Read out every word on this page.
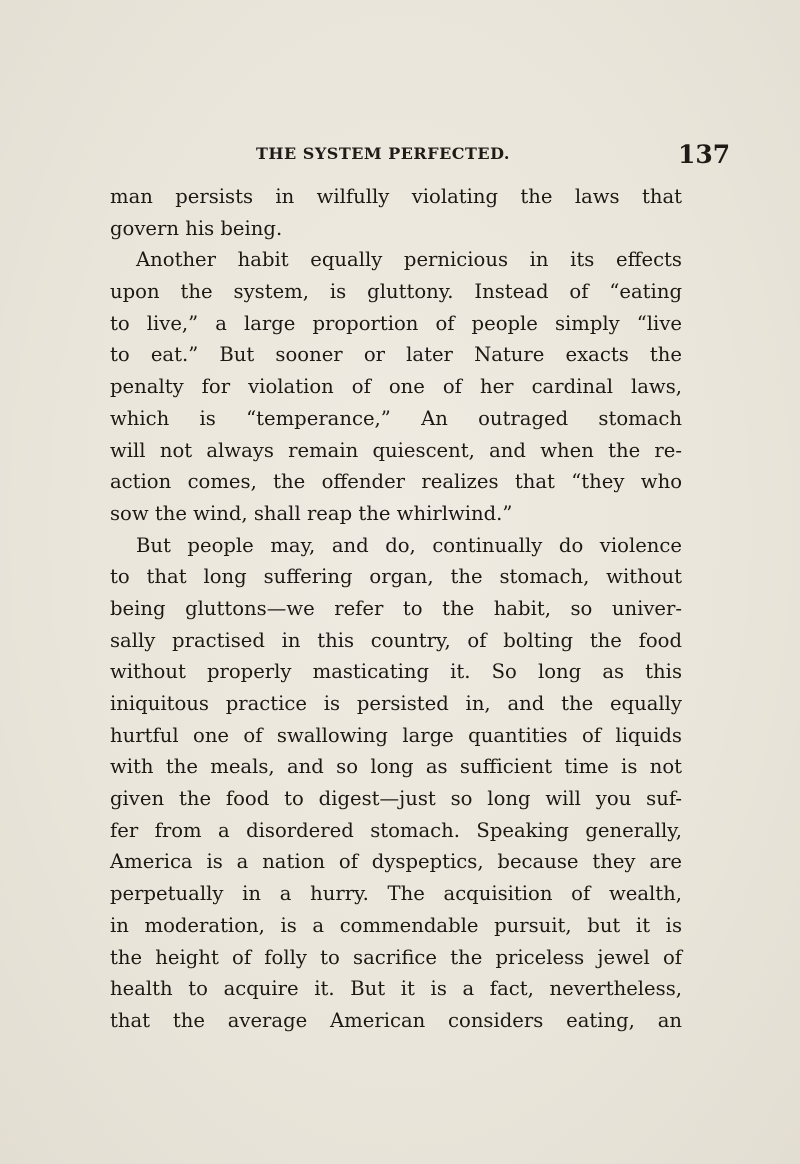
THE SYSTEM PERFECTED.	137
man persists in wilfully violating the laws that
govern his being.
Another habit equally pernicious in its effects
upon the system, is gluttony. Instead of “eating
to live,” a large proportion of people simply “live
to eat.” But sooner or later Nature exacts the
penalty for violation of one of her cardinal laws,
which is “temperance,” An outraged stomach
will not always remain quiescent, and when the re-
action comes, the offender realizes that “they who
sow the wind, shall reap the whirlwind.”
But people may, and do, continually do violence
to that long suffering organ, the stomach, without
being gluttons—we refer to the habit, so univer-
sally practised in this country, of bolting the food
without properly masticating it. So long as this
iniquitous practice is persisted in, and the equally
hurtful one of swallowing large quantities of liquids
with the meals, and so long as sufficient time is not
given the food to digest—just so long will you suf-
fer from a disordered stomach. Speaking generally,
America is a nation of dyspeptics, because they are
perpetually in a hurry. The acquisition of wealth,
in moderation, is a commendable pursuit, but it is
the height of folly to sacrifice the priceless jewel of
health to acquire it. But it is a fact, nevertheless,
that the average American considers eating, an
